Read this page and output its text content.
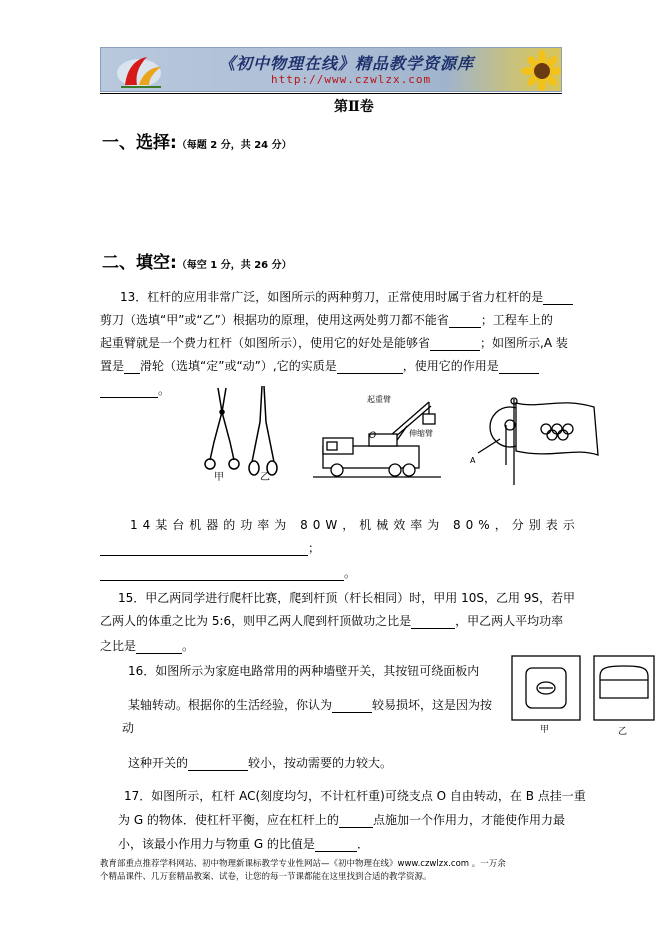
《初中物理在线》精品教学资源库
http://www.czwlzx.com
第Ⅱ卷
一、选择:（每题 2 分，共 24 分）
二、填空:（每空 1 分，共 26 分）
13．杠杆的应用非常广泛，如图所示的两种剪刀，正常使用时属于省力杠杆的是
剪刀（选填“甲”或“乙”）根据功的原理，使用这两处剪刀都不能省	；工程车上的
起重臂就是一个费力杠杆（如图所示），使用它的好处是能够省	；如图所示,A 装
置是 滑轮（选填“定”或“动”）,它的实质是	，使用它的作用是
。
甲	乙
起重臂
伸缩臂
O
A
14某台机器的功率为 80W，机械效率为 80%，分别表示
；
。
15．甲乙两同学进行爬杆比赛，爬到杆顶（杆长相同）时，甲用 10S，乙用 9S，若甲
乙两人的体重之比为 5:6，则甲乙两人爬到杆顶做功之比是	，甲乙两人平均功率
之比是	。
16．如图所示为家庭电路常用的两种墙壁开关，其按钮可绕面板内
某轴转动。根据你的生活经验，你认为	较易损坏，这是因为按
动
这种开关的	较小，按动需要的力较大。
甲	乙
17．如图所示，杠杆 AC(刻度均匀，不计杠杆重)可绕支点 O 自由转动，在 B 点挂一重
为 G 的物体．使杠杆平衡，应在杠杆上的	点施加一个作用力，才能使作用力最
小，该最小作用力与物重 G 的比值是	．
教育部重点推荐学科网站、初中物理新课标教学专业性网站—《初中物理在线》www.czwlzx.com 。一万余
个精品课件、几万套精品教案、试卷，让您的每一节课都能在这里找到合适的教学资源。
